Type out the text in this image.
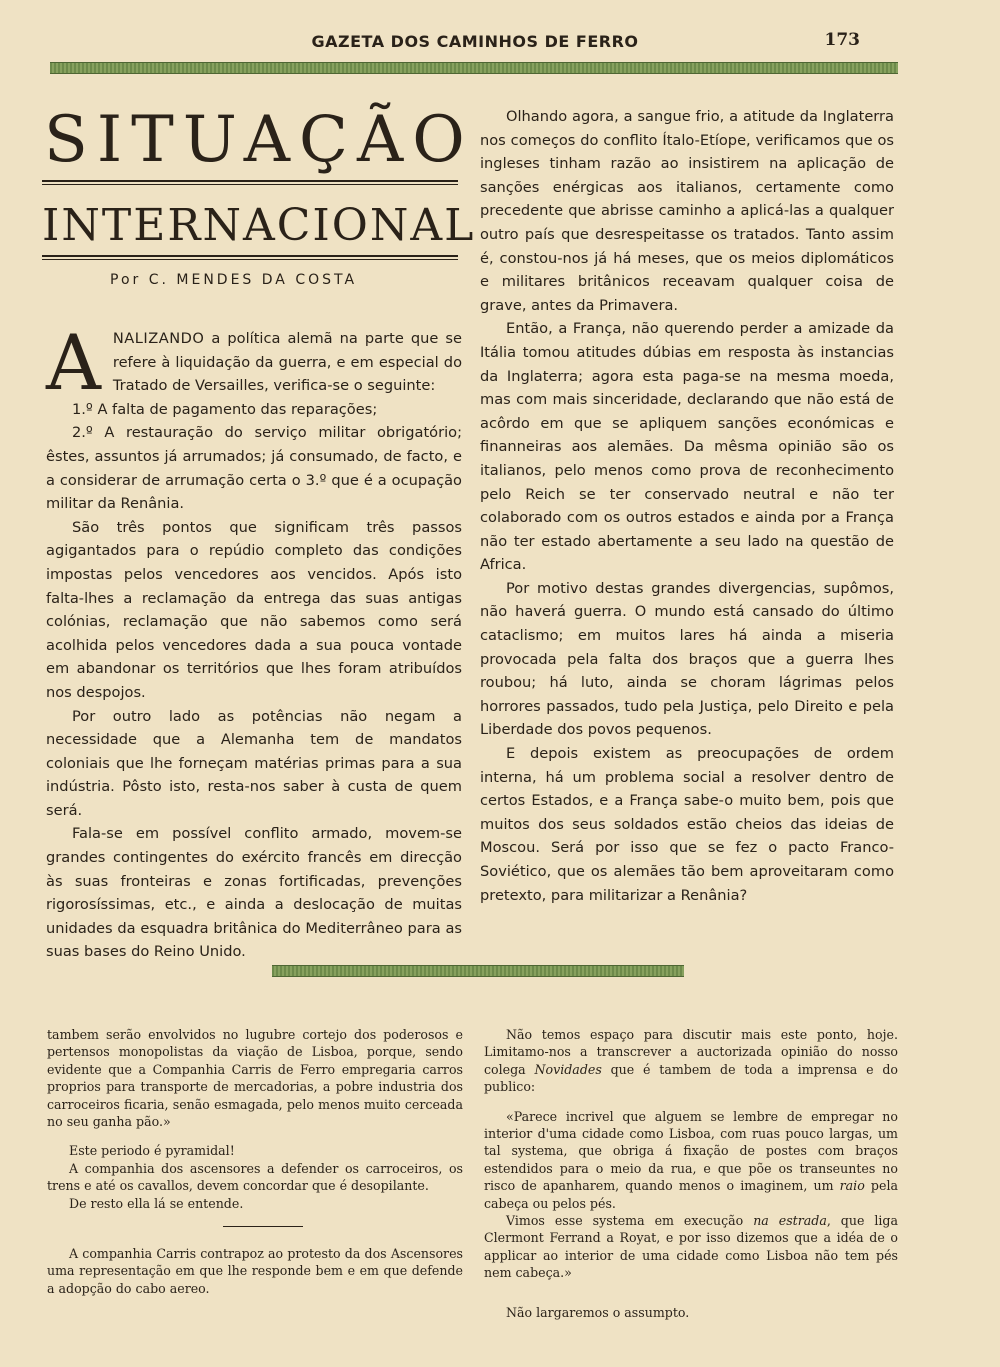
GAZETA DOS CAMINHOS DE FERRO	173
SITUAÇÃO
INTERNACIONAL
Por C. MENDES DA COSTA

ANALIZANDO a política alemã na parte que se refere à liquidação da guerra, e em especial do Tratado de Versailles, verifica-se o seguinte:

1.º A falta de pagamento das reparações;

2.º A restauração do serviço militar obrigatório; êstes, assuntos já arrumados; já consumado, de facto, e a considerar de arrumação certa o 3.º que é a ocupação militar da Renânia.

São três pontos que significam três passos agigantados para o repúdio completo das condições impostas pelos vencedores aos vencidos. Após isto falta-lhes a reclamação da entrega das suas antigas colónias, reclamação que não sabemos como será acolhida pelos vencedores dada a sua pouca vontade em abandonar os territórios que lhes foram atribuídos nos despojos.

Por outro lado as potências não negam a necessidade que a Alemanha tem de mandatos coloniais que lhe forneçam matérias primas para a sua indústria. Pôsto isto, resta-nos saber à custa de quem será.

Fala-se em possível conflito armado, movem-se grandes contingentes do exército francês em direcção às suas fronteiras e zonas fortificadas, prevenções rigorosíssimas, etc., e ainda a deslocação de muitas unidades da esquadra britânica do Mediterrâneo para as suas bases do Reino Unido.

Olhando agora, a sangue frio, a atitude da Inglaterra nos começos do conflito Ítalo-Etíope, verificamos que os ingleses tinham razão ao insistirem na aplicação de sanções enérgicas aos italianos, certamente como precedente que abrisse caminho a aplicá-las a qualquer outro país que desrespeitasse os tratados. Tanto assim é, constou-nos já há meses, que os meios diplomáticos e militares britânicos receavam qualquer coisa de grave, antes da Primavera.

Então, a França, não querendo perder a amizade da Itália tomou atitudes dúbias em resposta às instancias da Inglaterra; agora esta paga-se na mesma moeda, mas com mais sinceridade, declarando que não está de acôrdo em que se apliquem sanções económicas e finanneiras aos alemães. Da mêsma opinião são os italianos, pelo menos como prova de reconhecimento pelo Reich se ter conservado neutral e não ter colaborado com os outros estados e ainda por a França não ter estado abertamente a seu lado na questão de Africa.

Por motivo destas grandes divergencias, supômos, não haverá guerra. O mundo está cansado do último cataclismo; em muitos lares há ainda a miseria provocada pela falta dos braços que a guerra lhes roubou; há luto, ainda se choram lágrimas pelos horrores passados, tudo pela Justiça, pelo Direito e pela Liberdade dos povos pequenos.

E depois existem as preocupações de ordem interna, há um problema social a resolver dentro de certos Estados, e a França sabe-o muito bem, pois que muitos dos seus soldados estão cheios das ideias de Moscou. Será por isso que se fez o pacto Franco-Soviético, que os alemães tão bem aproveitaram como pretexto, para militarizar a Renânia?

tambem serão envolvidos no lugubre cortejo dos poderosos e pertensos monopolistas da viação de Lisboa, porque, sendo evidente que a Companhia Carris de Ferro empregaria carros proprios para transporte de mercadorias, a pobre industria dos carroceiros ficaria, senão esmagada, pelo menos muito cerceada no seu ganha pão.»

Este periodo é pyramidal!

A companhia dos ascensores a defender os carroceiros, os trens e até os cavallos, devem concordar que é desopilante.

De resto ella lá se entende.

A companhia Carris contrapoz ao protesto da dos Ascensores uma representação em que lhe responde bem e em que defende a adopção do cabo aereo.

Não temos espaço para discutir mais este ponto, hoje. Limitamo-nos a transcrever a auctorizada opinião do nosso colega Novidades que é tambem de toda a imprensa e do publico:

«Parece incrivel que alguem se lembre de empregar no interior d'uma cidade como Lisboa, com ruas pouco largas, um tal systema, que obriga á fixação de postes com braços estendidos para o meio da rua, e que põe os transeuntes no risco de apanharem, quando menos o imaginem, um raio pela cabeça ou pelos pés.

Vimos esse systema em execução na estrada, que liga Clermont Ferrand a Royat, e por isso dizemos que a idéa de o applicar ao interior de uma cidade como Lisboa não tem pés nem cabeça.»

Não largaremos o assumpto.
